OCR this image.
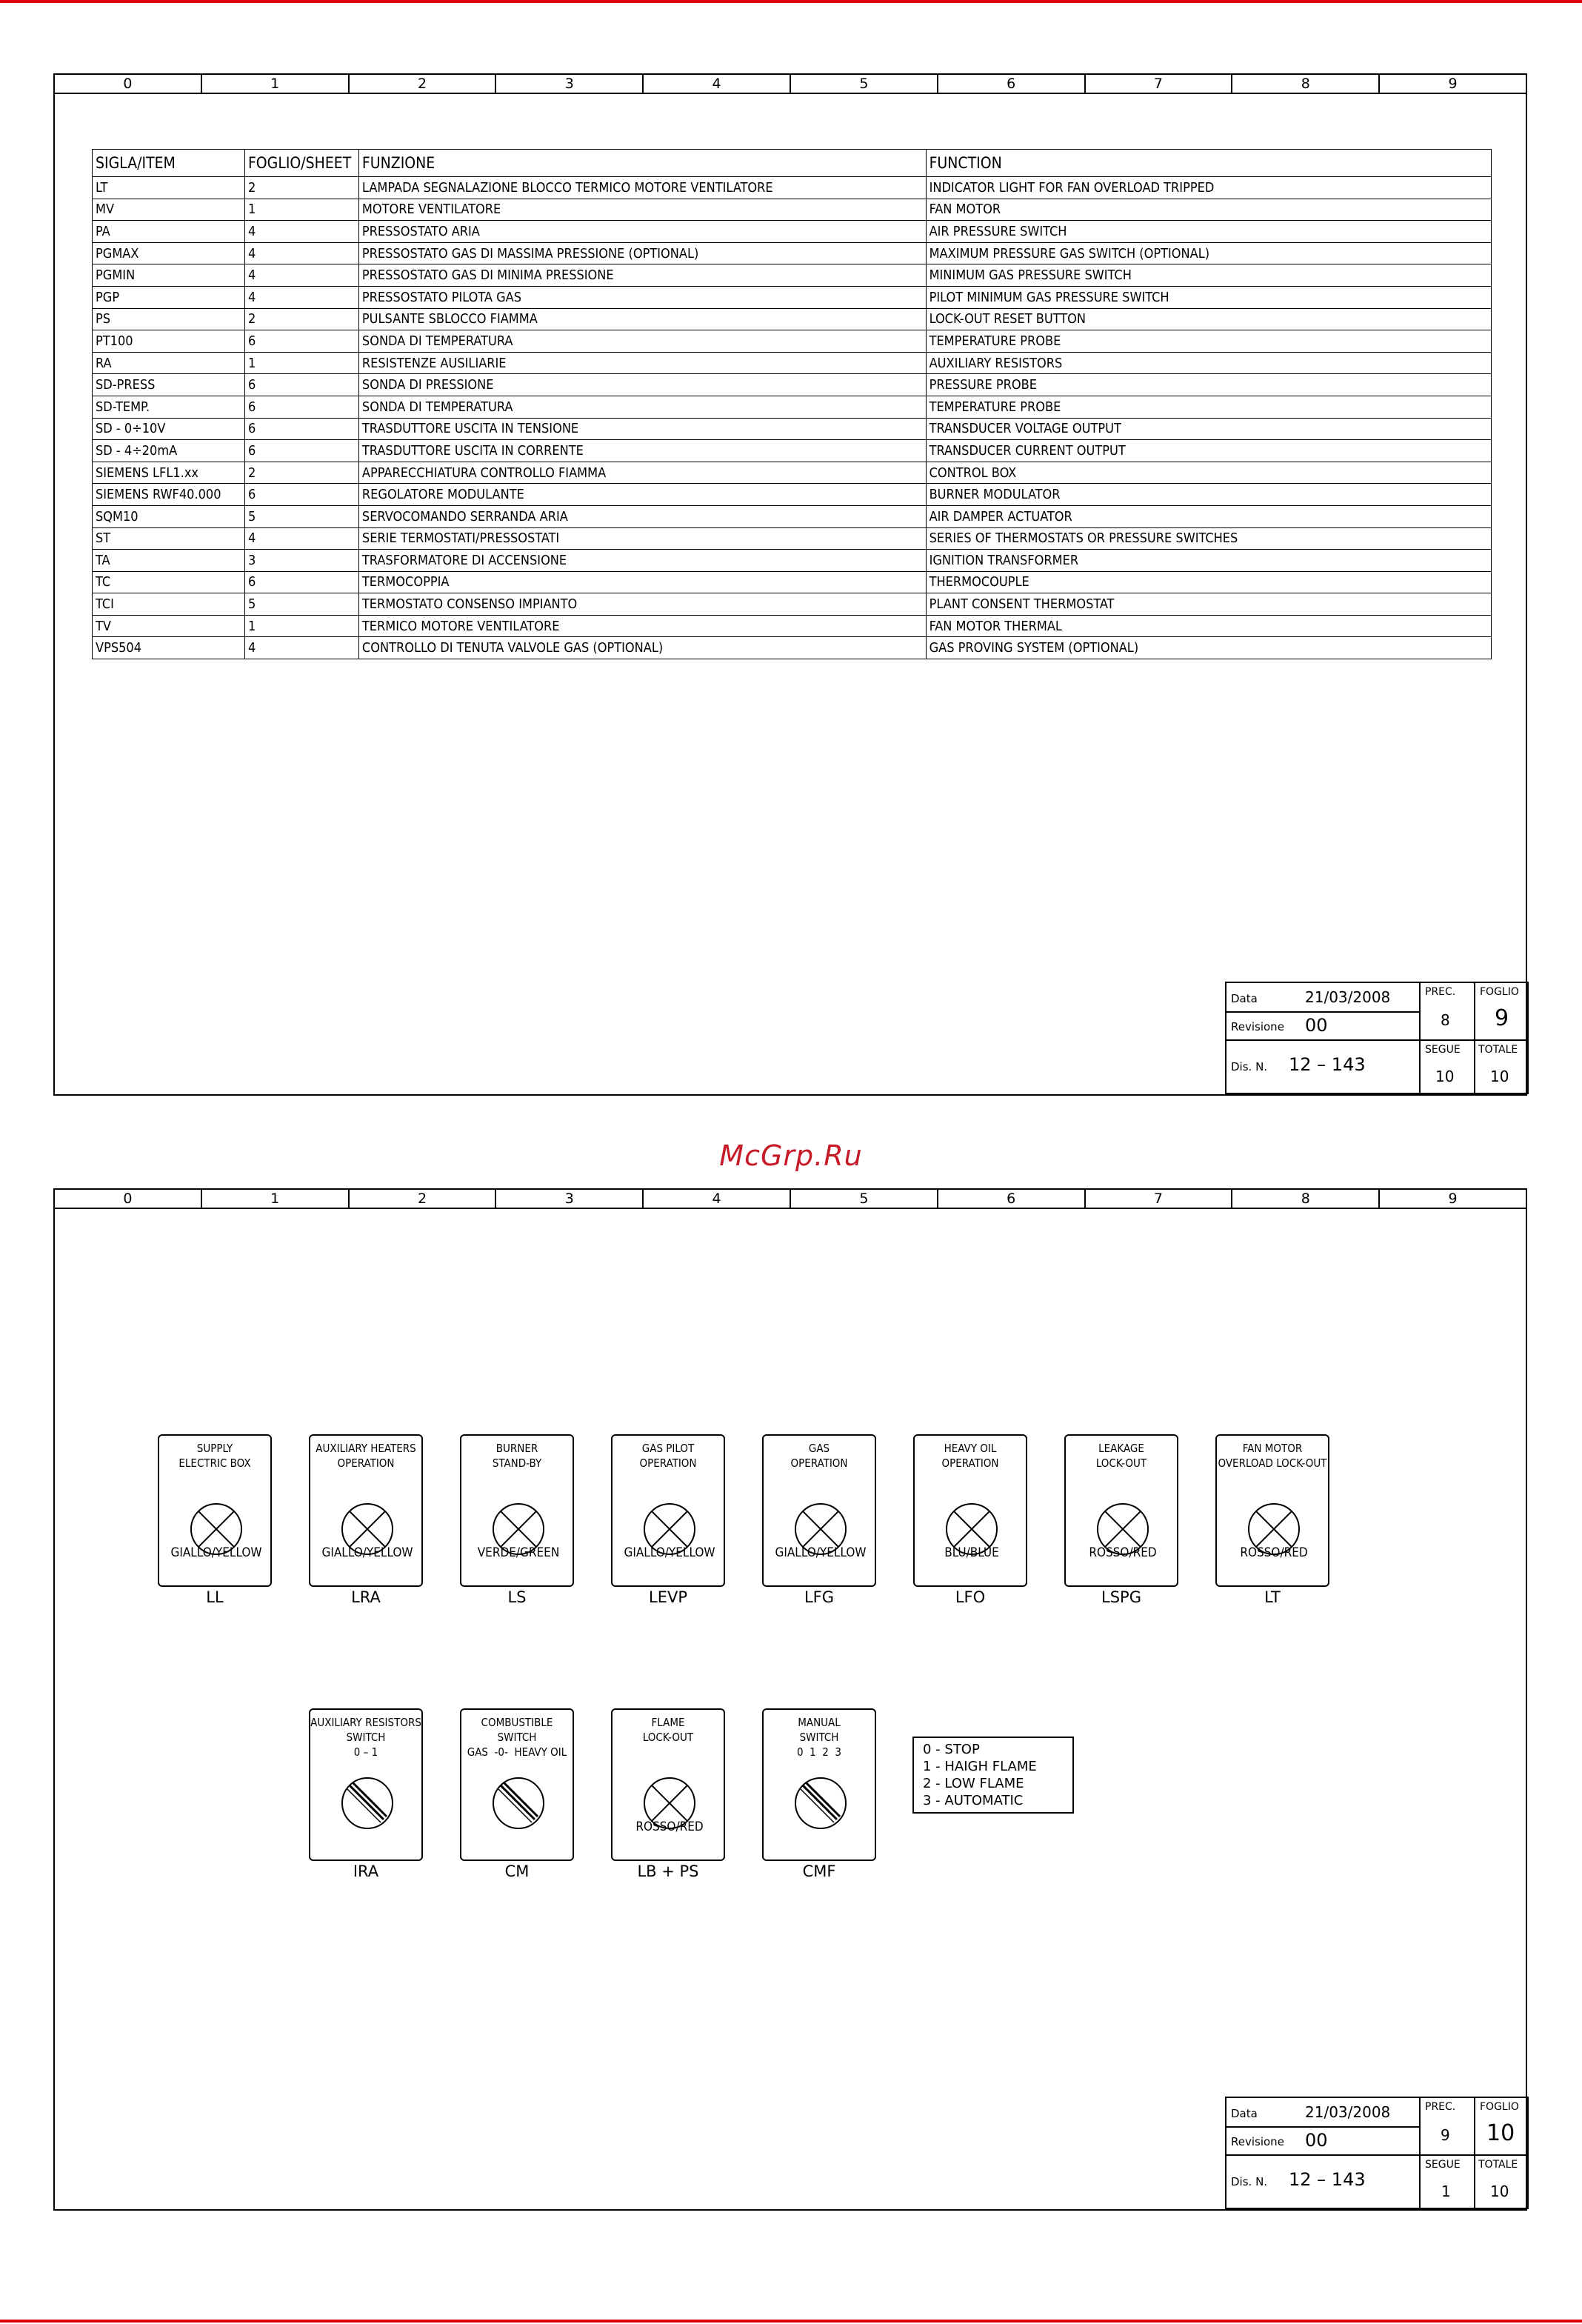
0	1	2	3	4	5	6	7	8	9
SIGLA/ITEM	FOGLIO/SHEET	FUNZIONE	FUNCTION
LT	2	LAMPADA SEGNALAZIONE BLOCCO TERMICO MOTORE VENTILATORE	INDICATOR LIGHT FOR FAN OVERLOAD TRIPPED
MV	1	MOTORE VENTILATORE	FAN MOTOR
PA	4	PRESSOSTATO ARIA	AIR PRESSURE SWITCH
PGMAX	4	PRESSOSTATO GAS DI MASSIMA PRESSIONE (OPTIONAL)	MAXIMUM PRESSURE GAS SWITCH (OPTIONAL)
PGMIN	4	PRESSOSTATO GAS DI MINIMA PRESSIONE	MINIMUM GAS PRESSURE SWITCH
PGP	4	PRESSOSTATO PILOTA GAS	PILOT MINIMUM GAS PRESSURE SWITCH
PS	2	PULSANTE SBLOCCO FIAMMA	LOCK-OUT RESET BUTTON
PT100	6	SONDA DI TEMPERATURA	TEMPERATURE PROBE
RA	1	RESISTENZE AUSILIARIE	AUXILIARY RESISTORS
SD-PRESS	6	SONDA DI PRESSIONE	PRESSURE PROBE
SD-TEMP.	6	SONDA DI TEMPERATURA	TEMPERATURE PROBE
SD - 0÷10V	6	TRASDUTTORE USCITA IN TENSIONE	TRANSDUCER VOLTAGE OUTPUT
SD - 4÷20mA	6	TRASDUTTORE USCITA IN CORRENTE	TRANSDUCER CURRENT OUTPUT
SIEMENS LFL1.xx	2	APPARECCHIATURA CONTROLLO FIAMMA	CONTROL BOX
SIEMENS RWF40.000	6	REGOLATORE MODULANTE	BURNER MODULATOR
SQM10	5	SERVOCOMANDO SERRANDA ARIA	AIR DAMPER ACTUATOR
ST	4	SERIE TERMOSTATI/PRESSOSTATI	SERIES OF THERMOSTATS OR PRESSURE SWITCHES
TA	3	TRASFORMATORE DI ACCENSIONE	IGNITION TRANSFORMER
TC	6	TERMOCOPPIA	THERMOCOUPLE
TCI	5	TERMOSTATO CONSENSO IMPIANTO	PLANT CONSENT THERMOSTAT
TV	1	TERMICO MOTORE VENTILATORE	FAN MOTOR THERMAL
VPS504	4	CONTROLLO DI TENUTA VALVOLE GAS (OPTIONAL)	GAS PROVING SYSTEM (OPTIONAL)
Data	21/03/2008
Revisione 00
Dis. N. 12 – 143
PREC.
8
FOGLIO
9
SEGUE
10
TOTALE
10
McGrp.Ru
0	1	2	3	4	5	6	7	8	9
Data	21/03/2008
Revisione 00
Dis. N. 12 – 143
PREC.
9
FOGLIO
10
SEGUE
1
TOTALE
10
SUPPLY
ELECTRIC BOX
GIALLO/YELLOW
LL
AUXILIARY HEATERS
OPERATION
GIALLO/YELLOW
LRA
BURNER
STAND-BY
VERDE/GREEN
LS
GAS PILOT
OPERATION
GIALLO/YELLOW
LEVP
GAS
OPERATION
GIALLO/YELLOW
LFG
HEAVY OIL
OPERATION
BLU/BLUE
LFO
LEAKAGE
LOCK-OUT
ROSSO/RED
LSPG
FAN MOTOR
OVERLOAD LOCK-OUT
ROSSO/RED
LT
AUXILIARY RESISTORS
SWITCH
0 – 1
IRA
COMBUSTIBLE
SWITCH
GAS  -0-  HEAVY OIL
CM
FLAME
LOCK-OUT
ROSSO/RED
LB + PS
MANUAL
SWITCH
0  1  2  3
CMF
0 - STOP
1 - HAIGH FLAME
2 - LOW FLAME
3 - AUTOMATIC
